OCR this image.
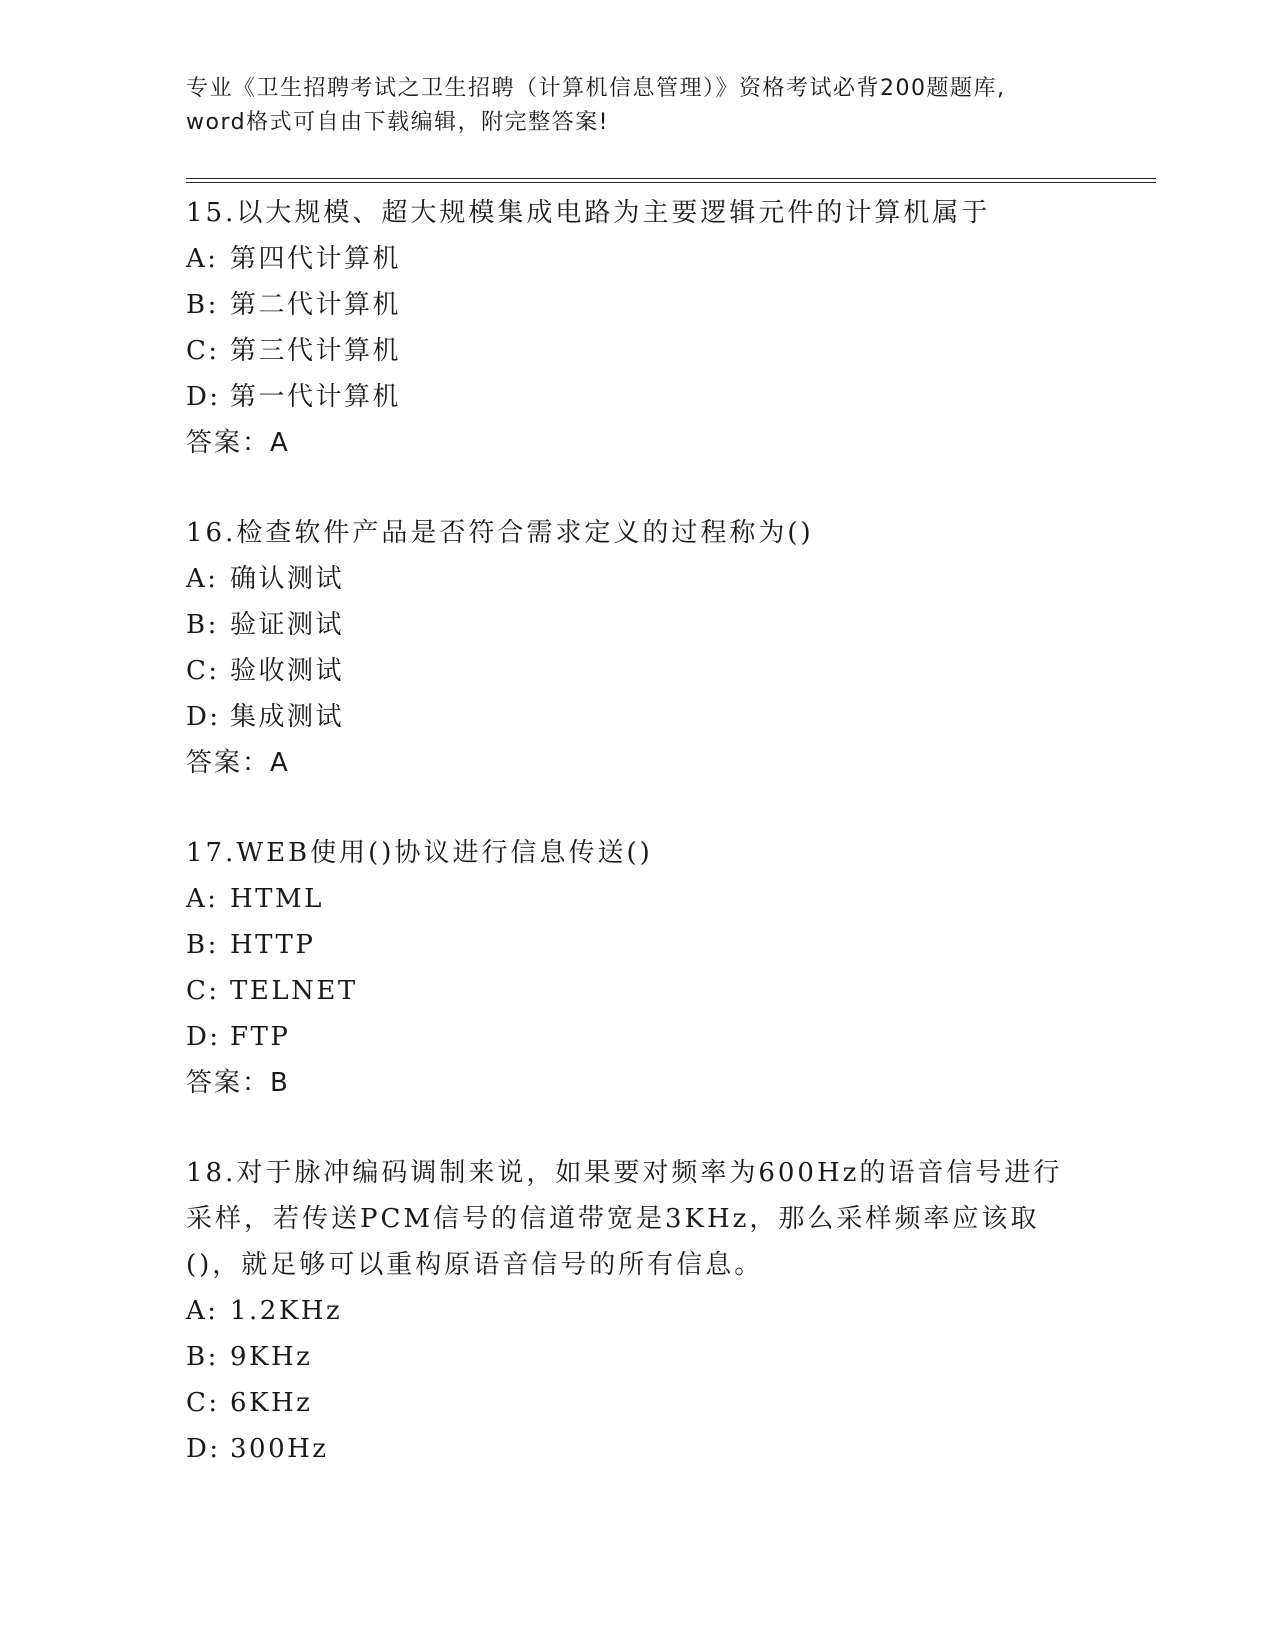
专业《卫生招聘考试之卫生招聘（计算机信息管理）》资格考试必背200题题库,
word格式可自由下载编辑，附完整答案!
15.以大规模、超大规模集成电路为主要逻辑元件的计算机属于
A: 第四代计算机
B: 第二代计算机
C: 第三代计算机
D: 第一代计算机
答案：A
16.检查软件产品是否符合需求定义的过程称为()
A: 确认测试
B: 验证测试
C: 验收测试
D: 集成测试
答案：A
17.WEB使用()协议进行信息传送()
A: HTML
B: HTTP
C: TELNET
D: FTP
答案：B
18.对于脉冲编码调制来说，如果要对频率为600Hz的语音信号进行采样，若传送PCM信号的信道带宽是3KHz，那么采样频率应该取()，就足够可以重构原语音信号的所有信息。
A: 1.2KHz
B: 9KHz
C: 6KHz
D: 300Hz
